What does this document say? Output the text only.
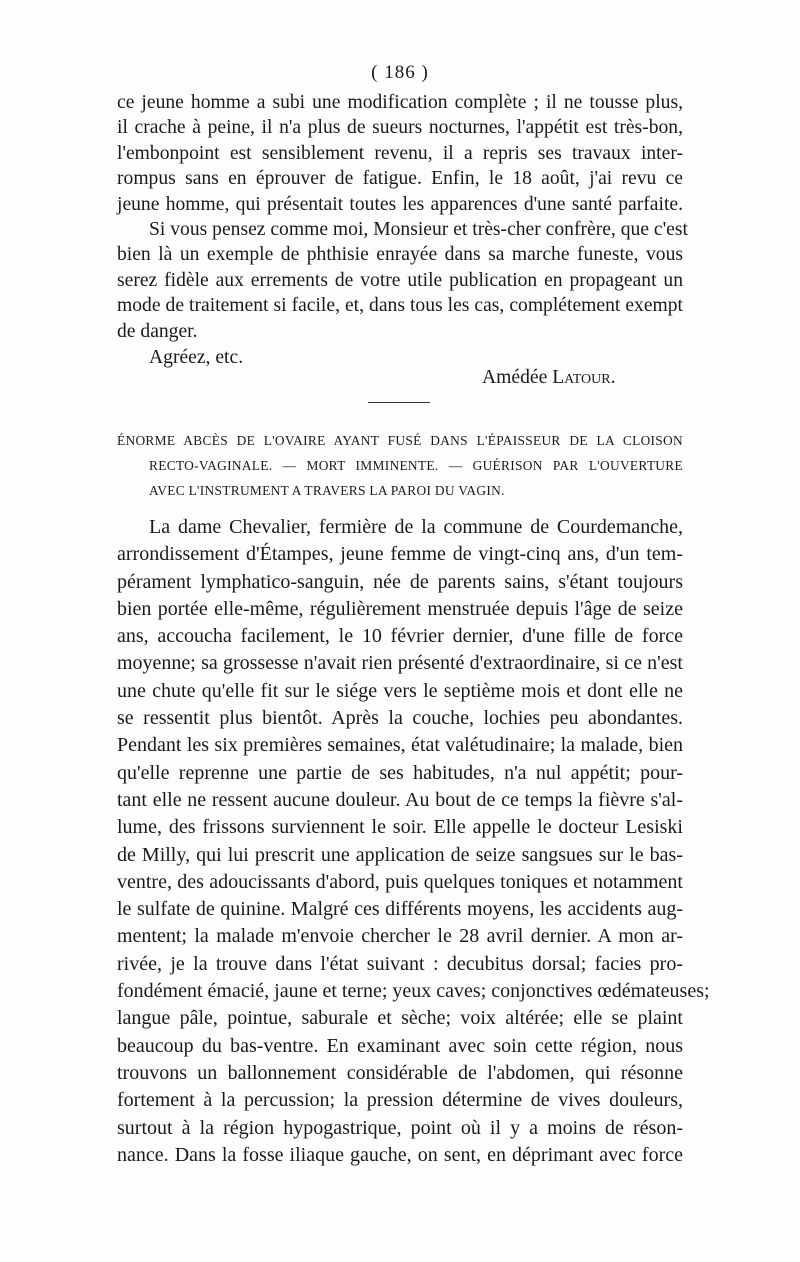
( 186 )
ce jeune homme a subi une modification complète ; il ne tousse plus,
il crache à peine, il n'a plus de sueurs nocturnes, l'appétit est très-bon,
l'embonpoint est sensiblement revenu, il a repris ses travaux inter-
rompus sans en éprouver de fatigue. Enfin, le 18 août, j'ai revu ce
jeune homme, qui présentait toutes les apparences d'une santé parfaite.
Si vous pensez comme moi, Monsieur et très-cher confrère, que c'est
bien là un exemple de phthisie enrayée dans sa marche funeste, vous
serez fidèle aux errements de votre utile publication en propageant un
mode de traitement si facile, et, dans tous les cas, complétement exempt
de danger.
Agréez, etc.
Amédée Latour.
ÉNORME ABCÈS DE L'OVAIRE AYANT FUSÉ DANS L'ÉPAISSEUR DE LA CLOISON
RECTO-VAGINALE. — MORT IMMINENTE. — GUÉRISON PAR L'OUVERTURE
AVEC L'INSTRUMENT A TRAVERS LA PAROI DU VAGIN.
La dame Chevalier, fermière de la commune de Courdemanche,
arrondissement d'Étampes, jeune femme de vingt-cinq ans, d'un tem-
pérament lymphatico-sanguin, née de parents sains, s'étant toujours
bien portée elle-même, régulièrement menstruée depuis l'âge de seize
ans, accoucha facilement, le 10 février dernier, d'une fille de force
moyenne; sa grossesse n'avait rien présenté d'extraordinaire, si ce n'est
une chute qu'elle fit sur le siége vers le septième mois et dont elle ne
se ressentit plus bientôt. Après la couche, lochies peu abondantes.
Pendant les six premières semaines, état valétudinaire; la malade, bien
qu'elle reprenne une partie de ses habitudes, n'a nul appétit; pour-
tant elle ne ressent aucune douleur. Au bout de ce temps la fièvre s'al-
lume, des frissons surviennent le soir. Elle appelle le docteur Lesiski
de Milly, qui lui prescrit une application de seize sangsues sur le bas-
ventre, des adoucissants d'abord, puis quelques toniques et notamment
le sulfate de quinine. Malgré ces différents moyens, les accidents aug-
mentent; la malade m'envoie chercher le 28 avril dernier. A mon ar-
rivée, je la trouve dans l'état suivant : decubitus dorsal; facies pro-
fondément émacié, jaune et terne; yeux caves; conjonctives œdémateuses;
langue pâle, pointue, saburale et sèche; voix altérée; elle se plaint
beaucoup du bas-ventre. En examinant avec soin cette région, nous
trouvons un ballonnement considérable de l'abdomen, qui résonne
fortement à la percussion; la pression détermine de vives douleurs,
surtout à la région hypogastrique, point où il y a moins de réson-
nance. Dans la fosse iliaque gauche, on sent, en déprimant avec force
